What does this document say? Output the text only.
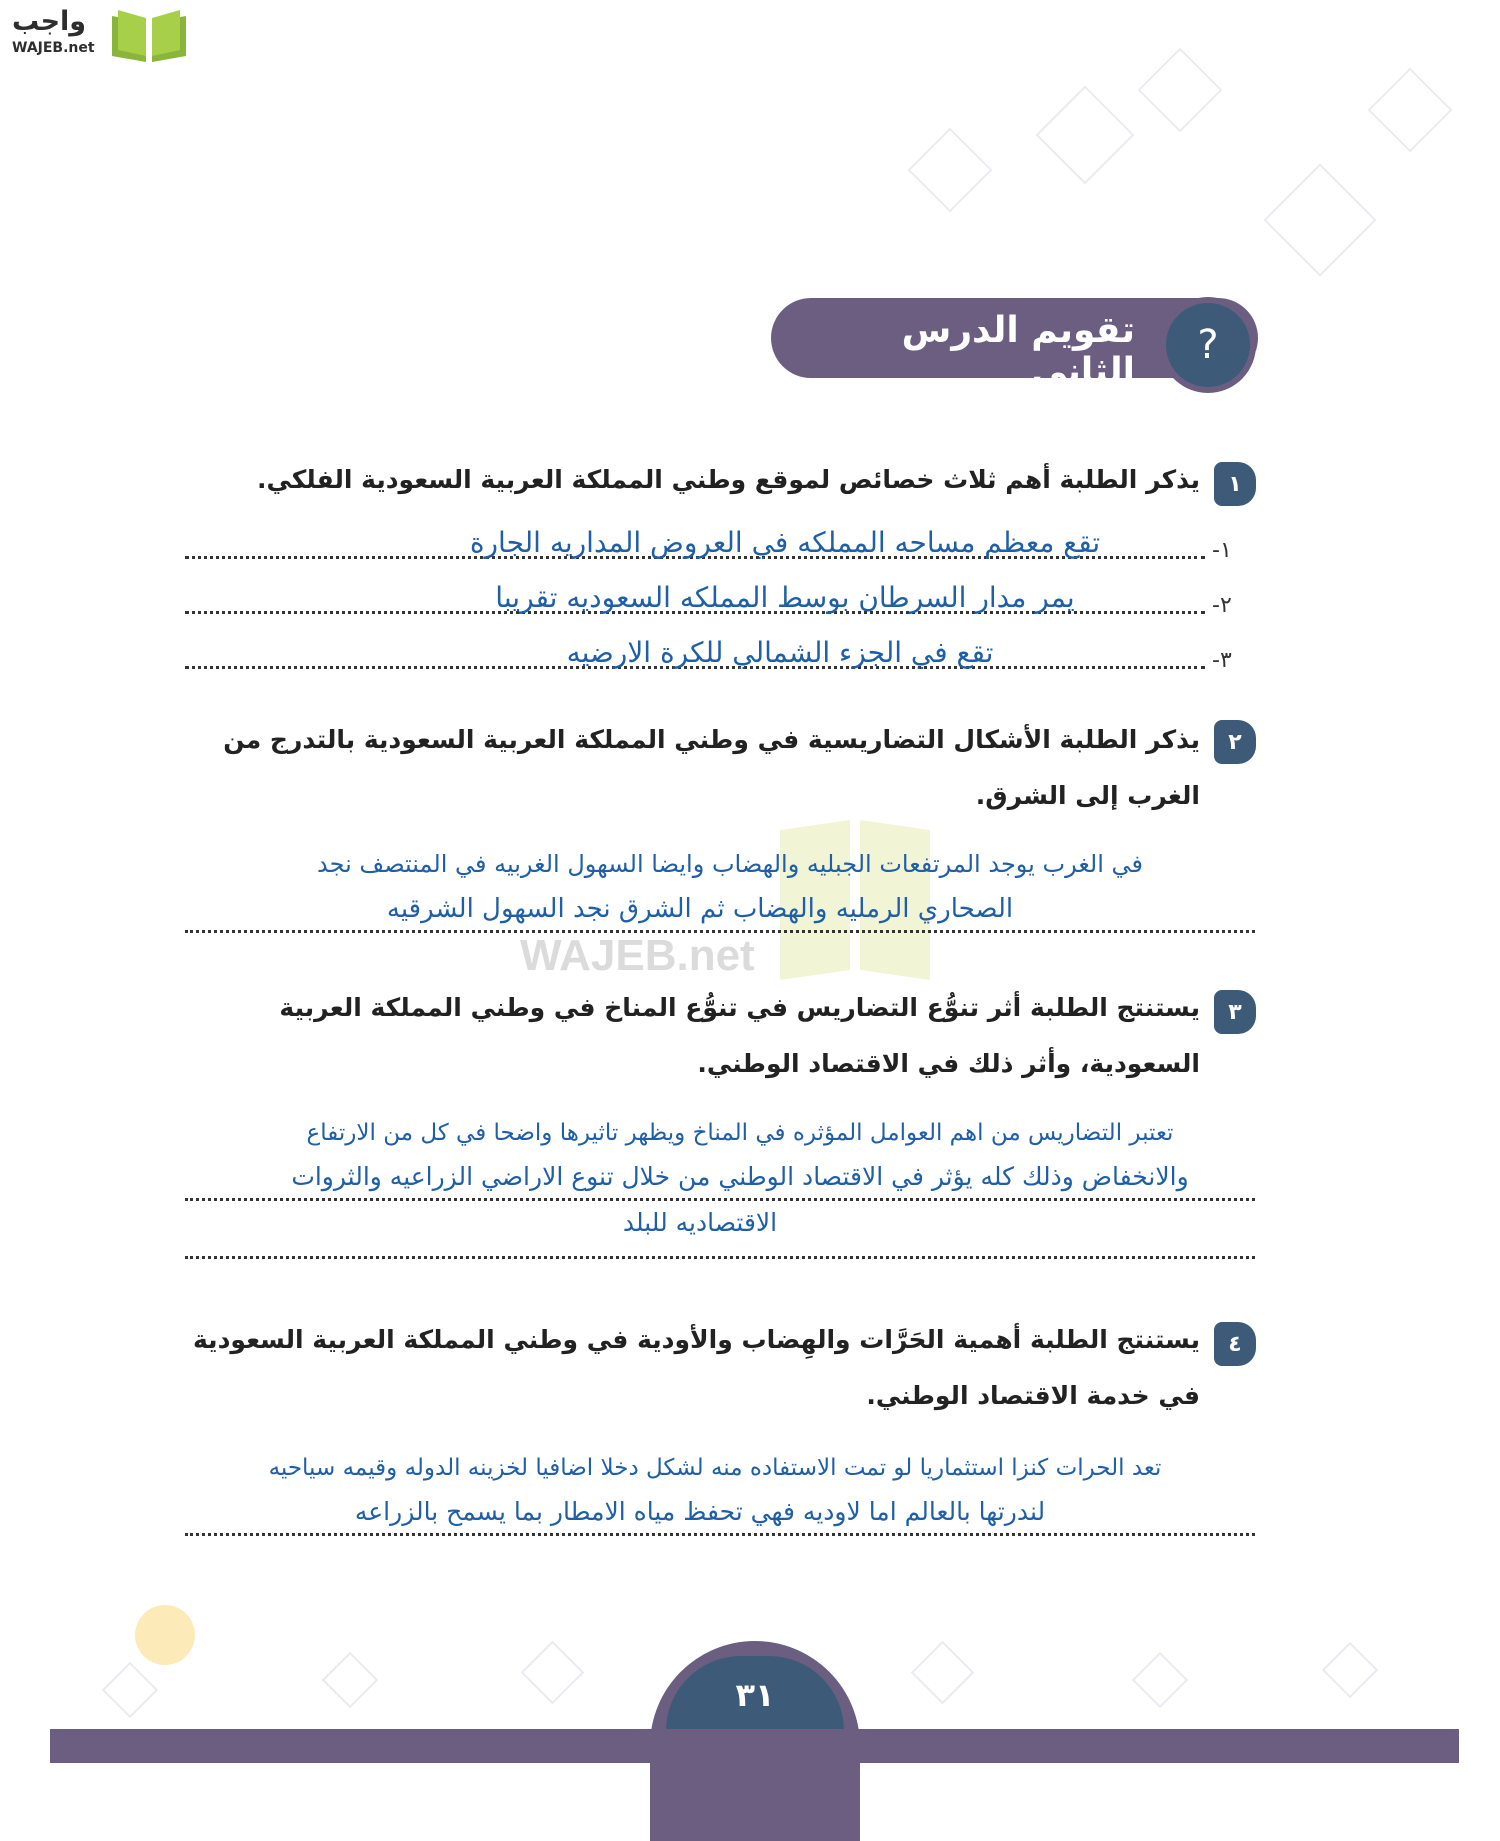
واجب
WAJEB.net
تقويم الدرس الثاني
?
WAJEB.net
١
يذكر الطلبة أهم ثلاث خصائص لموقع وطني المملكة العربية السعودية الفلكي.
١-
تقع معظم مساحه المملكه في العروض المداريه الجارة
٢-
يمر مدار السرطان بوسط المملكه السعوديه تقريبا
٣-
تقع في الجزء الشمالي للكرة الارضيه
٢
يذكر الطلبة الأشكال التضاريسية في وطني المملكة العربية السعودية بالتدرج من
الغرب إلى الشرق.
في الغرب يوجد المرتفعات الجبليه والهضاب وايضا السهول الغربيه في المنتصف نجد
الصحاري الرمليه والهضاب ثم الشرق نجد السهول الشرقيه
٣
يستنتج الطلبة أثر تنوُّع التضاريس في تنوُّع المناخ في وطني المملكة العربية
السعودية، وأثر ذلك في الاقتصاد الوطني.
تعتبر التضاريس من اهم العوامل المؤثره في المناخ ويظهر تاثيرها واضحا في كل من الارتفاع
والانخفاض وذلك كله يؤثر في الاقتصاد الوطني من خلال تنوع الاراضي الزراعيه والثروات
الاقتصاديه للبلد
٤
يستنتج الطلبة أهمية الحَرَّات والهِضاب والأودية في وطني المملكة العربية السعودية
في خدمة الاقتصاد الوطني.
تعد الحرات كنزا استثماريا لو تمت الاستفاده منه لشكل دخلا اضافيا لخزينه الدوله وقيمه سياحيه
لندرتها بالعالم اما لاوديه فهي تحفظ مياه الامطار بما يسمح بالزراعه
٣١
